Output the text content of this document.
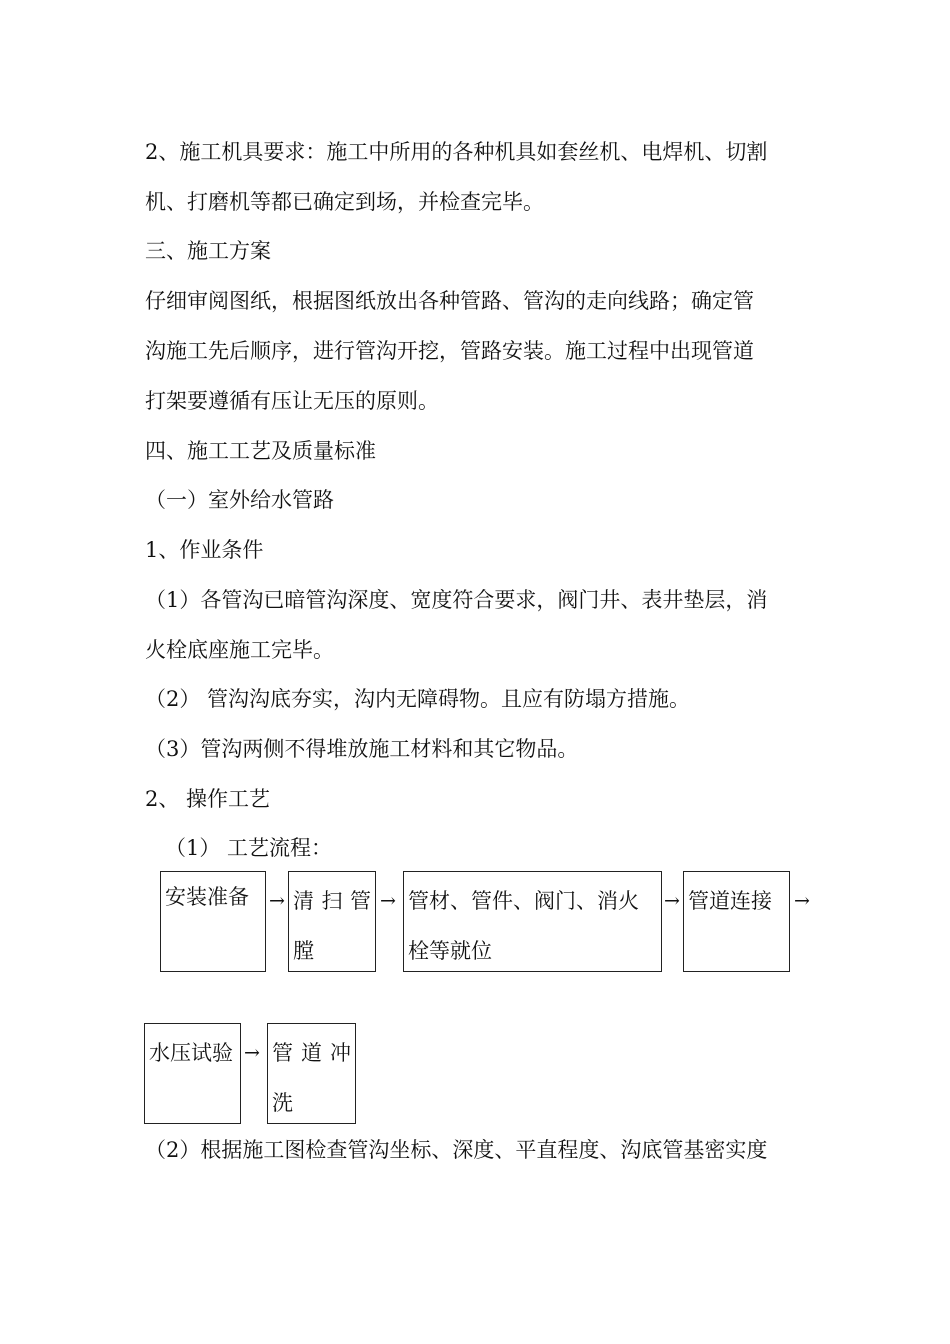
2、施工机具要求：施工中所用的各种机具如套丝机、电焊机、切割
机、打磨机等都已确定到场，并检查完毕。
三、施工方案
仔细审阅图纸，根据图纸放出各种管路、管沟的走向线路；确定管
沟施工先后顺序，进行管沟开挖，管路安装。施工过程中出现管道
打架要遵循有压让无压的原则。
四、施工工艺及质量标准
（一）室外给水管路
1、作业条件
（1）各管沟已暗管沟深度、宽度符合要求，阀门井、表井垫层，消
火栓底座施工完毕。
（2） 管沟沟底夯实，沟内无障碍物。且应有防塌方措施。
（3）管沟两侧不得堆放施工材料和其它物品。
2、 操作工艺
（1） 工艺流程：
安装准备	→ 清 扫 管
膛
→ 管材、管件、阀门、消火
栓等就位
→ 管道连接	→
水压试验 → 管 道 冲
洗
（2）根据施工图检查管沟坐标、深度、平直程度、沟底管基密实度
